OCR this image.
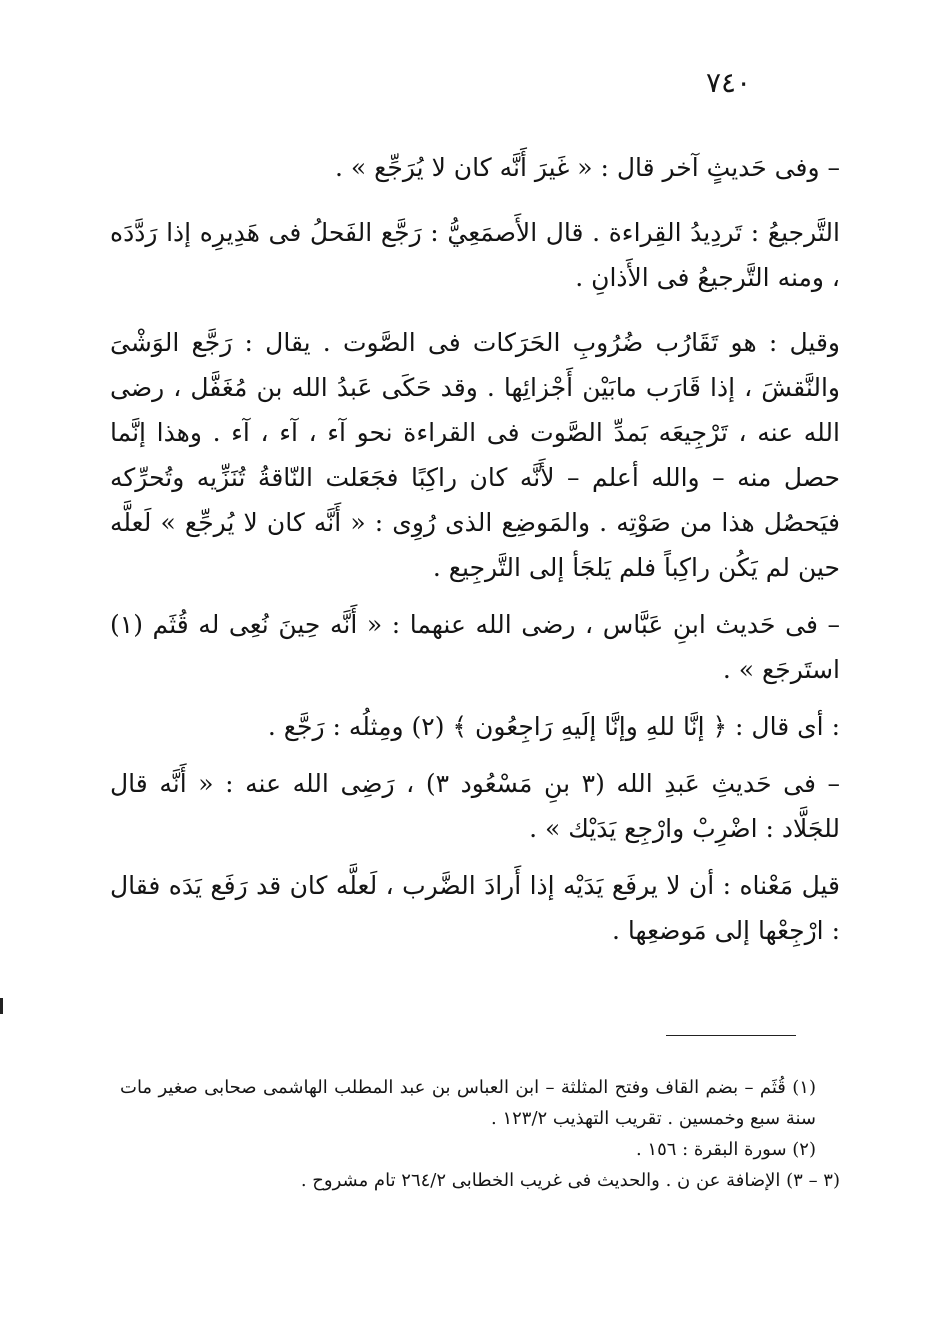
٧٤٠

– وفى حَديثٍ آخر قال : « غَيرَ أَنَّه كان لا يُرَجِّع » .

التَّرجيعُ : تَردِيدُ القِراءة . قال الأَصمَعِيُّ : رَجَّع الفَحلُ فى هَدِيرِه إذا رَدَّدَه ، ومنه التَّرجيعُ فى الأَذانِ .

وقيل : هو تَقَارُب ضُرُوبِ الحَرَكات فى الصَّوت . يقال : رَجَّع الوَشْىَ والنَّقشَ ، إذا قَارَب مابَيْن أَجْزائِها . وقد حَكَى عَبدُ الله بن مُغَفَّل ، رضى الله عنه ، تَرْجِيعَه بَمدِّ الصَّوت فى القراءة نحو آء ، آء ، آء . وهذا إنَّما حصل منه – والله أعلم – لأَنَّه كان راكِبًا فجَعَلت النّاقةُ تُنَزِّيه وتُحرِّكه فيَحصُل هذا من صَوْتِه . والمَوضِع الذى رُوِى : « أَنَّه كان لا يُرجِّع » لَعلَّه حين لم يَكُن راكِباً فلم يَلجَأ إلى التَّرجِيع .

– فى حَديث ابنِ عَبَّاس ، رضى الله عنهما : « أَنَّه حِينَ نُعِى له قُثَم (١) استَرجَع » .

: أى قال : ﴿ إنَّا للهِ وإنَّا إلَيهِ رَاجِعُون ﴾ (٢) ومِثلُه : رَجَّع .

– فى حَديثِ عَبدِ الله (٣ بنِ مَسْعُود ٣) ، رَضِى الله عنه : « أَنَّه قال للجَلَّاد : اضْرِبْ وارْجِع يَدَيْك » .

قيل مَعْناه : أن لا يرفَع يَدَيْه إذا أَرادَ الضَّرب ، لَعلَّه كان قد رَفَع يَدَه فقال : ارْجِعْها إلى مَوضعِها .

(١) قُثَم – بضم القاف وفتح المثلثة – ابن العباس بن عبد المطلب الهاشمى صحابى صغير مات سنة سبع وخمسين . تقريب التهذيب ١٢٣/٢ .

(٢) سورة البقرة : ١٥٦ .

(٣ – ٣) الإضافة عن ن . والحديث فى غريب الخطابى ٢٦٤/٢ تام مشروح .
